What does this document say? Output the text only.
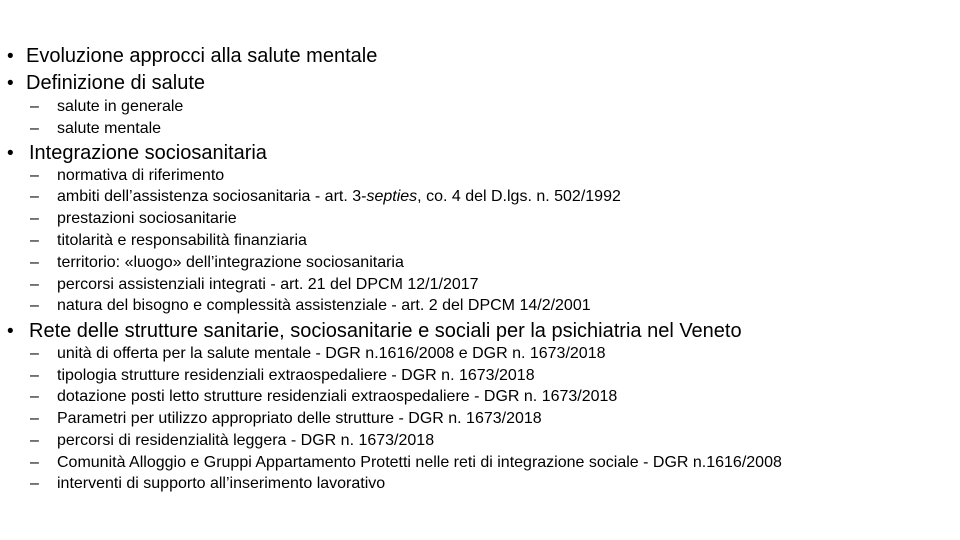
• Evoluzione approcci alla salute mentale
• Definizione di salute
– salute in generale
– salute mentale
• Integrazione sociosanitaria
– normativa di riferimento
– ambiti dell’assistenza sociosanitaria - art. 3-septies, co. 4 del D.lgs. n. 502/1992
– prestazioni sociosanitarie
– titolarità e responsabilità finanziaria
– territorio: «luogo» dell’integrazione sociosanitaria
– percorsi assistenziali integrati - art. 21 del DPCM 12/1/2017
– natura del bisogno e complessità assistenziale - art. 2 del DPCM 14/2/2001
• Rete delle strutture sanitarie, sociosanitarie e sociali per la psichiatria nel Veneto
– unità di offerta per la salute mentale - DGR n.1616/2008 e DGR n. 1673/2018
– tipologia strutture residenziali extraospedaliere - DGR n. 1673/2018
– dotazione posti letto strutture residenziali extraospedaliere - DGR n. 1673/2018
– Parametri per utilizzo appropriato delle strutture - DGR n. 1673/2018
– percorsi di residenzialità leggera - DGR n. 1673/2018
– Comunità Alloggio e Gruppi Appartamento Protetti nelle reti di integrazione sociale - DGR n.1616/2008
– interventi di supporto all’inserimento lavorativo
